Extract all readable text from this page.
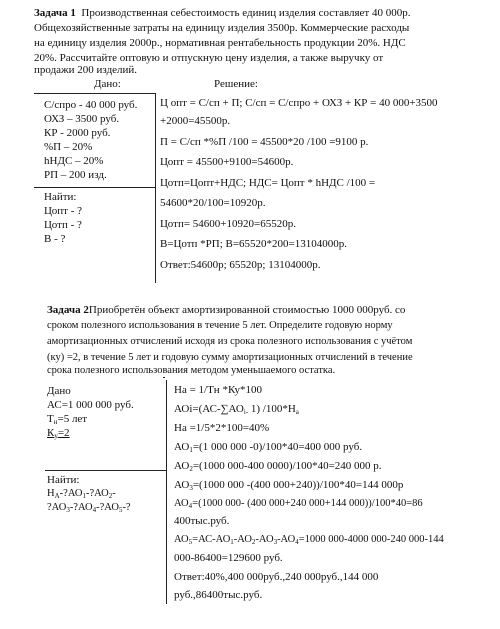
Задача 1 Производственная себестоимость единиц изделия составляет 40 000р.
Общехозяйственные затраты на единицу изделия 3500р. Коммерческие расходы
на единицу изделия 2000р., нормативная рентабельность продукции 20%. НДС
20%. Рассчитайте оптовую и отпускную цену изделия, а также выручку от
продажи 200 изделий.
Дано:	Решение:
С/спро - 40 000 руб.
ОХЗ – 3500 руб.
КР - 2000 руб.
%П – 20%
hНДС – 20%
РП – 200 изд.
Найти:
Цопт - ?
Цотп - ?
В - ?
Ц опт = С/сп + П; С/сп = С/спро + ОХЗ + КР = 40 000+3500
+2000=45500р.
П = С/сп *%П /100 = 45500*20 /100 =9100 р.
Цопт = 45500+9100=54600р.
Цотп=Цопт+НДС; НДС= Цопт * hНДС /100 =
54600*20/100=10920р.
Цотп= 54600+10920=65520р.
В=Цотп *РП; В=65520*200=13104000р.
Ответ:54600р; 65520р; 13104000р.
Задача 2Приобретён объект амортизированной стоимостью 1000 000руб. со
сроком полезного использования в течение 5 лет. Определите годовую норму
амортизационных отчислений исходя из срока полезного использования с учётом
(ку) =2, в течение 5 лет и годовую сумму амортизационных отчислений в течение
срока полезного использования методом уменьшаемого остатка.
Дано
АС=1 000 000 руб.
$Т_н=5$ лет
$К_у=2$
Найти:
$Н_А-?АО_1-?АО_2-$
$?АО_3-?АО_4-?АО_5-$?
На = 1/Тн *Ку*100
$АОi=(АС-\sum АО_{i-}$ 1) $/100*Н_а$
На =1/5*2*100=40%
$АО_1=(1$ 000 000 -0)/100*40=400 000 руб.
$АО_2=(1000$ 000-400 0000)/100*40=240 000 р.
$АО_3=(1000$ 000 -(400 000+240))/100*40=144 000р
$АО_4=(1000$ 000- (400 000+240 000+144 000))/100*40=86
400тыс.руб.
$АО_5=АС-АО_1-АО_2-АО_3-АО_4=1000$ 000-4000 000-240 000-144
000-86400=129600 руб.
Ответ:40%,400 000руб.,240 000руб.,144 000
руб.,86400тыс.руб.
